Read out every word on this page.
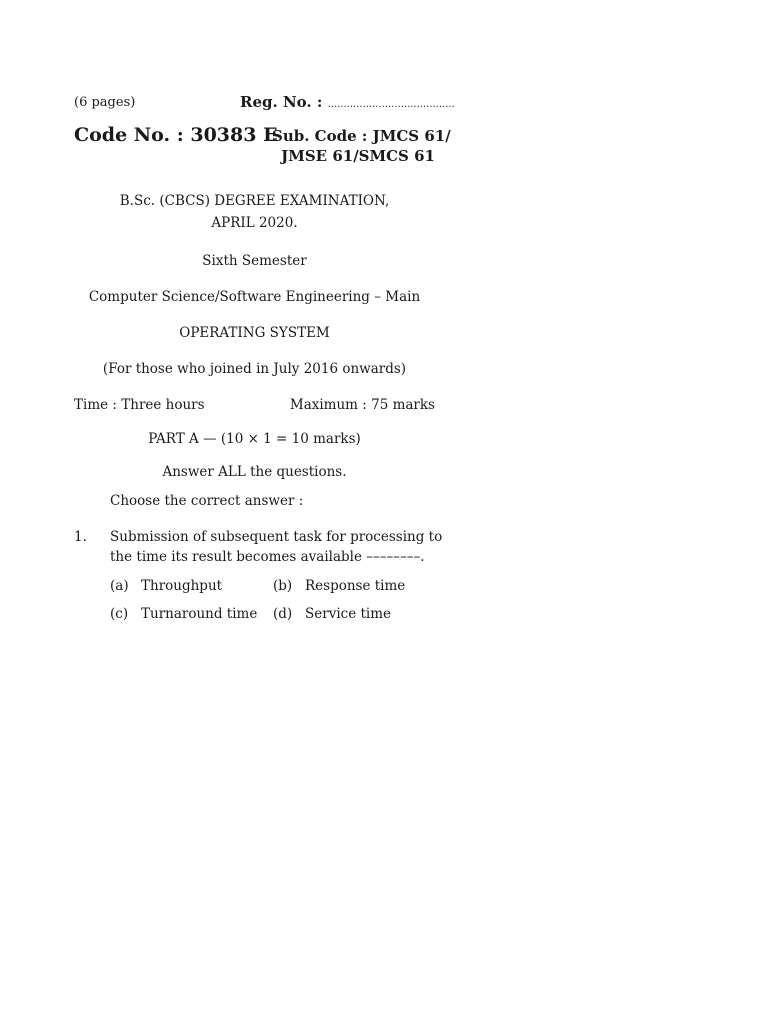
(6 pages)	Reg. No. : ........................................
Code No. : 30383 E
Sub. Code : JMCS 61/
JMSE 61/SMCS 61
B.Sc. (CBCS) DEGREE EXAMINATION,
APRIL 2020.
Sixth Semester
Computer Science/Software Engineering – Main
OPERATING SYSTEM
(For those who joined in July 2016 onwards)
Time : Three hours	Maximum : 75 marks
PART A — (10 × 1 = 10 marks)
Answer ALL the questions.
Choose the correct answer :
1. Submission of subsequent task for processing to
the time its result becomes available ––––––––.
(a) Throughput	(b) Response time
(c) Turnaround time (d) Service time
